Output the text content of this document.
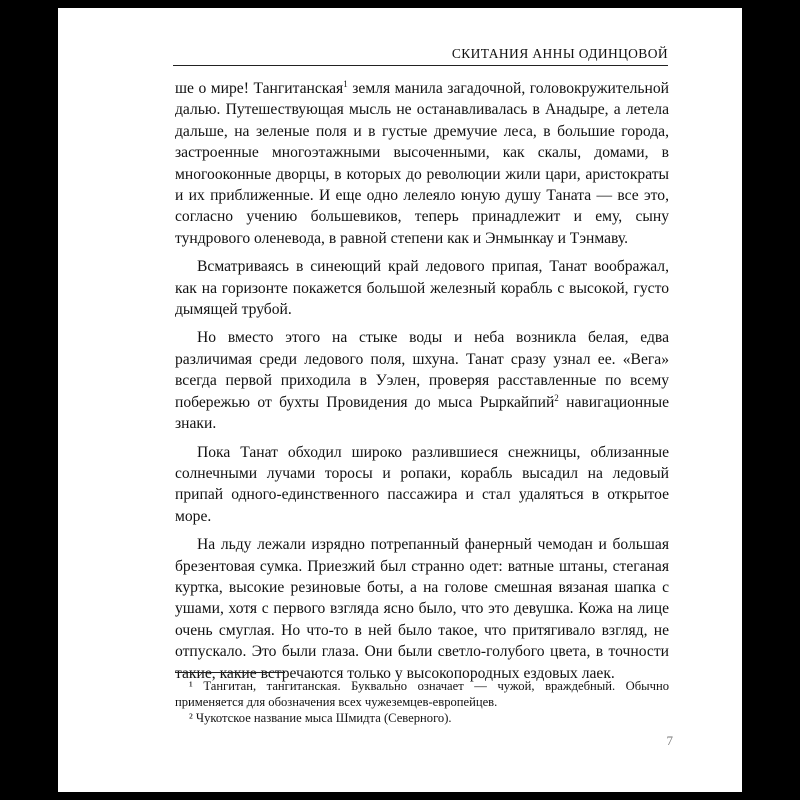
СКИТАНИЯ АННЫ ОДИНЦОВОЙ

ше о мире! Тангитанская$^1$ земля манила загадочной, головокружительной далью. Путешествующая мысль не останавливалась в Анадыре, а летела дальше, на зеленые поля и в густые дремучие леса, в большие города, застроенные многоэтажными высоченными, как скалы, домами, в многооконные дворцы, в которых до революции жили цари, аристократы и их приближенные. И еще одно лелеяло юную душу Таната — все это, согласно учению большевиков, теперь принадлежит и ему, сыну тундрового оленевода, в равной степени как и Энмынкау и Тэнмаву.

Всматриваясь в синеющий край ледового припая, Танат воображал, как на горизонте покажется большой железный корабль с высокой, густо дымящей трубой.

Но вместо этого на стыке воды и неба возникла белая, едва различимая среди ледового поля, шхуна. Танат сразу узнал ее. «Вега» всегда первой приходила в Уэлен, проверяя расставленные по всему побережью от бухты Провидения до мыса Рыркайпий$^2$ навигационные знаки.

Пока Танат обходил широко разлившиеся снежницы, облизанные солнечными лучами торосы и ропаки, корабль высадил на ледовый припай одного-единственного пассажира и стал удаляться в открытое море.

На льду лежали изрядно потрепанный фанерный чемодан и большая брезентовая сумка. Приезжий был странно одет: ватные штаны, стеганая куртка, высокие резиновые боты, а на голове смешная вязаная шапка с ушами, хотя с первого взгляда ясно было, что это девушка. Кожа на лице очень смуглая. Но что-то в ней было такое, что притягивало взгляд, не отпускало. Это были глаза. Они были светло-голубого цвета, в точности такие, какие встречаются только у высокопородных ездовых лаек.

¹ Тангитан, тангитанская. Буквально означает — чужой, враждебный. Обычно применяется для обозначения всех чужеземцев-европейцев.

² Чукотское название мыса Шмидта (Северного).

7
